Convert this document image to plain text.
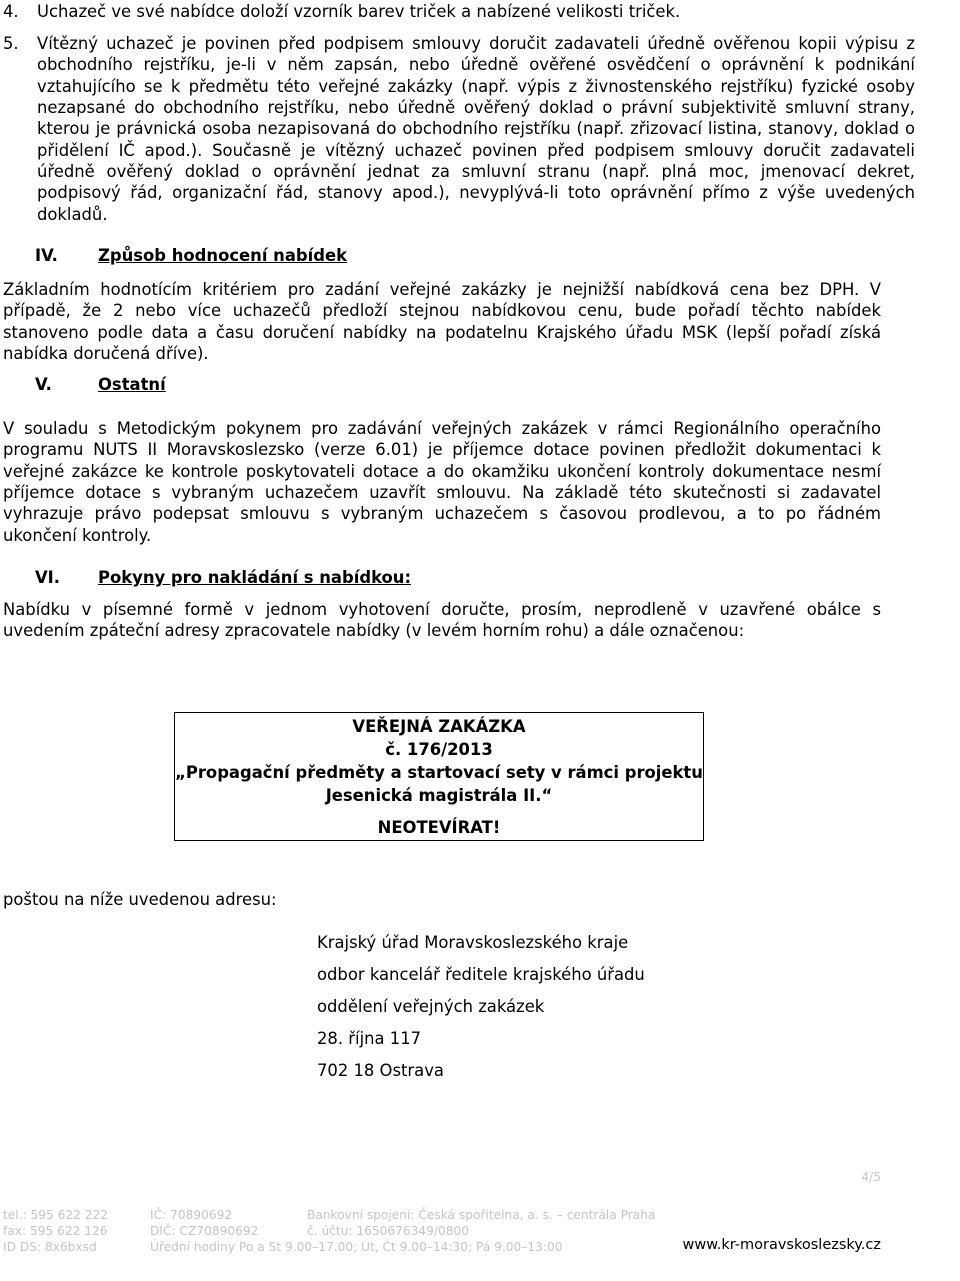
4. Uchazeč ve své nabídce doloží vzorník barev triček a nabízené velikosti triček.
5. Vítězný uchazeč je povinen před podpisem smlouvy doručit zadavateli úředně ověřenou kopii výpisu z obchodního rejstříku, je-li v něm zapsán, nebo úředně ověřené osvědčení o oprávnění k podnikání vztahujícího se k předmětu této veřejné zakázky (např. výpis z živnostenského rejstříku) fyzické osoby nezapsané do obchodního rejstříku, nebo úředně ověřený doklad o právní subjektivitě smluvní strany, kterou je právnická osoba nezapisovaná do obchodního rejstříku (např. zřizovací listina, stanovy, doklad o přidělení IČ apod.). Současně je vítězný uchazeč povinen před podpisem smlouvy doručit zadavateli úředně ověřený doklad o oprávnění jednat za smluvní stranu (např. plná moc, jmenovací dekret, podpisový řád, organizační řád, stanovy apod.), nevyplývá-li toto oprávnění přímo z výše uvedených dokladů.
IV. Způsob hodnocení nabídek
Základním hodnotícím kritériem pro zadání veřejné zakázky je nejnižší nabídková cena bez DPH. V případě, že 2 nebo více uchazečů předloží stejnou nabídkovou cenu, bude pořadí těchto nabídek stanoveno podle data a času doručení nabídky na podatelnu Krajského úřadu MSK (lepší pořadí získá nabídka doručená dříve).
V.	Ostatní
V souladu s Metodickým pokynem pro zadávání veřejných zakázek v rámci Regionálního operačního programu NUTS II Moravskoslezsko (verze 6.01) je příjemce dotace povinen předložit dokumentaci k veřejné zakázce ke kontrole poskytovateli dotace a do okamžiku ukončení kontroly dokumentace nesmí příjemce dotace s vybraným uchazečem uzavřít smlouvu. Na základě této skutečnosti si zadavatel vyhrazuje právo podepsat smlouvu s vybraným uchazečem s časovou prodlevou, a to po řádném ukončení kontroly.
VI. Pokyny pro nakládání s nabídkou:
Nabídku v písemné formě v jednom vyhotovení doručte, prosím, neprodleně v uzavřené obálce s uvedením zpáteční adresy zpracovatele nabídky (v levém horním rohu) a dále označenou:
VEŘEJNÁ ZAKÁZKA
č. 176/2013
„Propagační předměty a startovací sety v rámci projektu
Jesenická magistrála II.“
NEOTEVÍRAT!
poštou na níže uvedenou adresu:
Krajský úřad Moravskoslezského kraje
odbor kancelář ředitele krajského úřadu
oddělení veřejných zakázek
28. října 117
702 18 Ostrava
4/5
tel.: 595 622 222
fax: 595 622 126
ID DS: 8x6bxsd
IČ: 70890692
DIČ: CZ70890692
Úřední hodiny Po a St 9.00–17.00; Út, Čt 9.00–14:30; Pá 9.00–13:00
Bankovní spojení: Česká spořitelna, a. s. – centrála Praha
č. účtu: 1650676349/0800
www.kr-moravskoslezsky.cz
